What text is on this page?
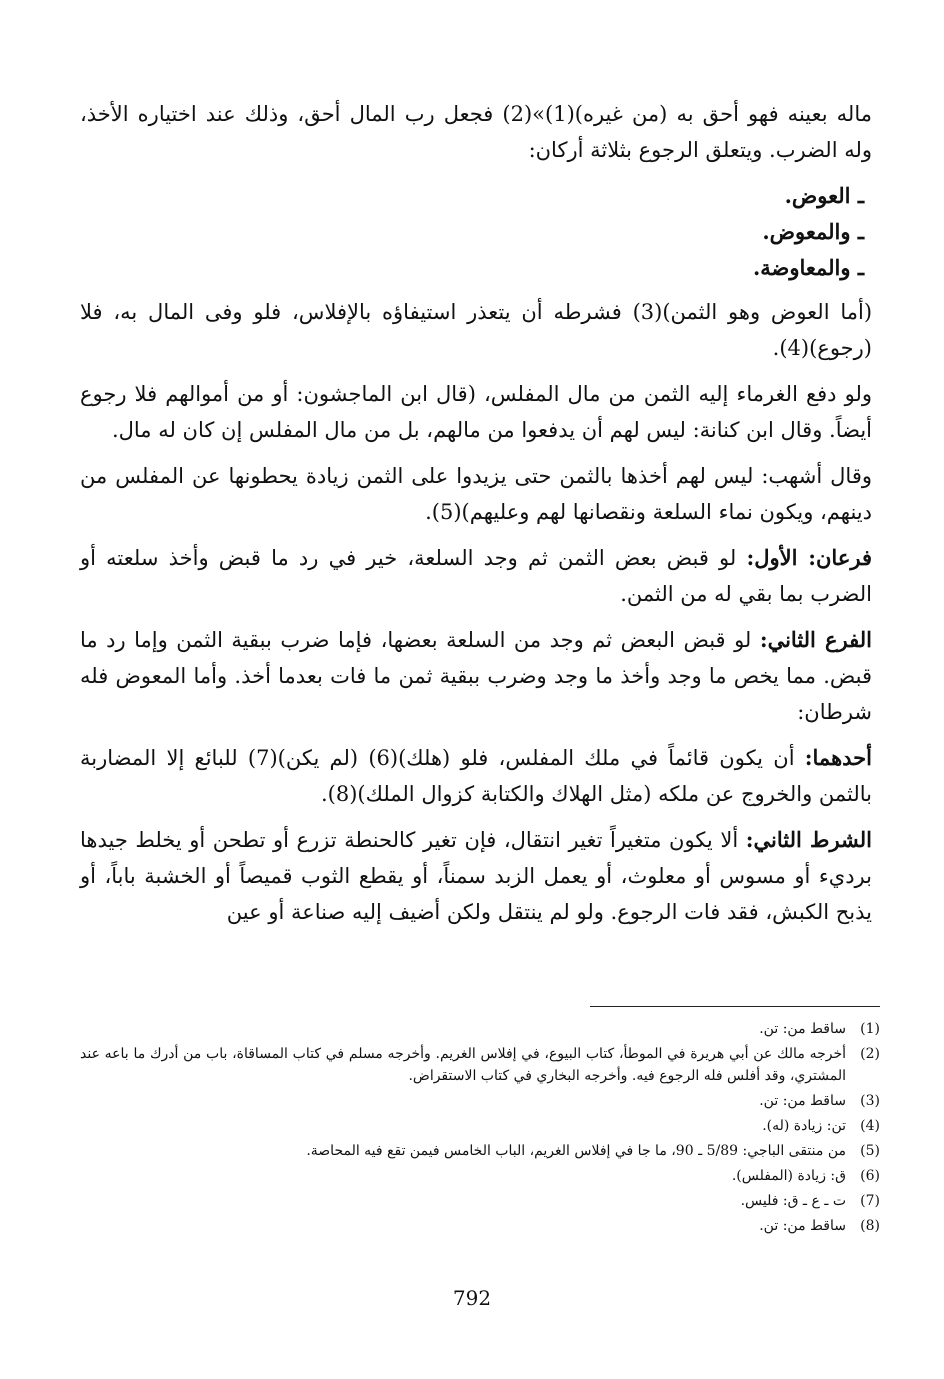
ماله بعينه فهو أحق به (من غيره)(1)»(2) فجعل رب المال أحق، وذلك عند اختياره الأخذ، وله الضرب. ويتعلق الرجوع بثلاثة أركان:

ـ العوض.
ـ والمعوض.
ـ والمعاوضة.

(أما العوض وهو الثمن)(3) فشرطه أن يتعذر استيفاؤه بالإفلاس، فلو وفى المال به، فلا (رجوع)(4).

ولو دفع الغرماء إليه الثمن من مال المفلس، (قال ابن الماجشون: أو من أموالهم فلا رجوع أيضاً. وقال ابن كنانة: ليس لهم أن يدفعوا من مالهم، بل من مال المفلس إن كان له مال.

وقال أشهب: ليس لهم أخذها بالثمن حتى يزيدوا على الثمن زيادة يحطونها عن المفلس من دينهم، ويكون نماء السلعة ونقصانها لهم وعليهم)(5).

فرعان: الأول: لو قبض بعض الثمن ثم وجد السلعة، خير في رد ما قبض وأخذ سلعته أو الضرب بما بقي له من الثمن.

الفرع الثاني: لو قبض البعض ثم وجد من السلعة بعضها، فإما ضرب ببقية الثمن وإما رد ما قبض. مما يخص ما وجد وأخذ ما وجد وضرب ببقية ثمن ما فات بعدما أخذ. وأما المعوض فله شرطان:

أحدهما: أن يكون قائماً في ملك المفلس، فلو (هلك)(6) (لم يكن)(7) للبائع إلا المضاربة بالثمن والخروج عن ملكه (مثل الهلاك والكتابة كزوال الملك)(8).

الشرط الثاني: ألا يكون متغيراً تغير انتقال، فإن تغير كالحنطة تزرع أو تطحن أو يخلط جيدها برديء أو مسوس أو معلوث، أو يعمل الزبد سمناً، أو يقطع الثوب قميصاً أو الخشبة باباً، أو يذبح الكبش، فقد فات الرجوع. ولو لم ينتقل ولكن أضيف إليه صناعة أو عين

(1)
ساقط من: تن.
(2)
أخرجه مالك عن أبي هريرة في الموطأ، كتاب البيوع، في إفلاس الغريم. وأخرجه مسلم في كتاب المساقاة، باب من أدرك ما باعه عند المشتري، وقد أفلس فله الرجوع فيه. وأخرجه البخاري في كتاب الاستقراض.
(3)
ساقط من: تن.
(4)
تن: زيادة (له).
(5)
من منتقى الباجي: 5/89 ـ 90، ما جا في إفلاس الغريم، الباب الخامس فيمن تقع فيه المحاصة.
(6)
ق: زيادة (المفلس).
(7)
ت ـ ع ـ ق: فليس.
(8)
ساقط من: تن.
792
